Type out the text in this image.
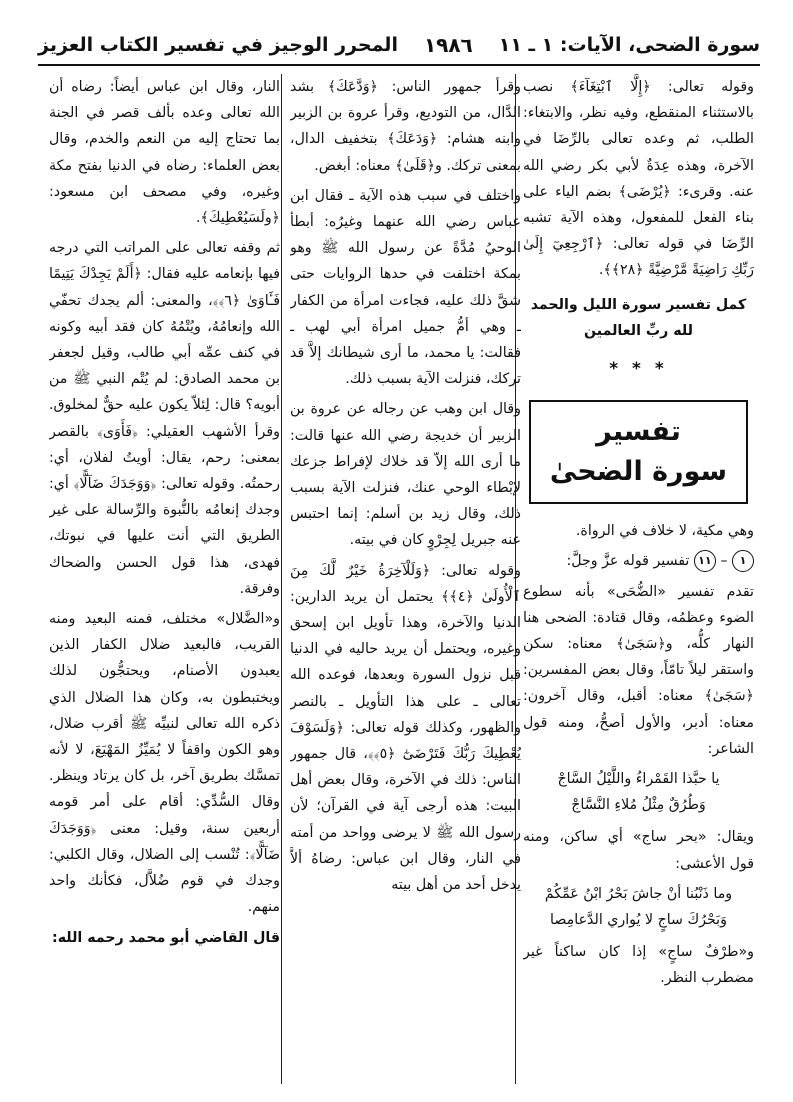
سورة الضحى، الآيات: ١ ـ ١١
١٩٨٦
المحرر الوجيز في تفسير الكتاب العزيز

وقوله تعالى: ﴿إِلَّا ٱبْتِغَآءَ﴾ نصب بالاستثناء المنقطع، وفيه نظر، والابتغاء: الطلب، ثم وعده تعالى بالرِّضَا في الآخرة، وهذه عِدَةٌ لأبي بكر رضي الله عنه. وقرىء: ﴿يُرْضَى﴾ بضم الياء على بناء الفعل للمفعول، وهذه الآية تشبه الرِّضَا في قوله تعالى: ﴿ٱرْجِعِيٓ إِلَىٰ رَبِّكِ رَاضِيَةً مَّرْضِيَّةً ﴿٢٨﴾﴾.

كمل تفسير سورة الليل والحمد لله ربِّ العالمين

* * *

تفسير
سورة الضحىٰ

وهي مكية، لا خلاف في الرواة.

١ – ١١ تفسير قوله عزَّ وجلَّ:

تقدم تفسير «الضُّحَى» بأنه سطوع الضوء وعظمُه، وقال قتادة: الضحى هنا النهار كلُّه، و﴿سَجَىٰ﴾ معناه: سكن واستقر ليلاً تامّاً، وقال بعض المفسرين: ﴿سَجَىٰ﴾ معناه: أقبل، وقال آخرون: معناه: أدبر، والأول أصحُّ، ومنه قول الشاعر:

يا حبَّذا القَمْراءُ واللَّيْلُ السَّاجْ
وَطُرُقٌ مِثْلُ مُلاءِ النَّسَّاجْ

ويقال: «بحر ساج» أي ساكن، ومنه قول الأعشى:

وما ذَنْبُنا أنْ جاشَ بَحْرُ ابْنُ عَمِّكُمْ
وَبَحْرُكَ ساجٍ لا يُواري الدَّعامِصا

و«طرْفٌ ساجٍ» إذا كان ساكناً غير مضطرب النظر.

وقرأ جمهور الناس: ﴿وَدَّعَكَ﴾ بشد الدَّال، من التوديع، وقرأ عروة بن الزبير وابنه هشام: ﴿وَدَعَكَ﴾ بتخفيف الدال، بمعنى تركك. و﴿قَلَىٰ﴾ معناه: أبغض.

واختلف في سبب هذه الآية ـ فقال ابن عباس رضي الله عنهما وغيرُه: أبطأ الوحيُ مُدَّةً عن رسول الله ﷺ وهو بمكة اختلفت في حدها الروايات حتى شقَّ ذلك عليه، فجاءت امرأة من الكفار ـ وهي أمُّ جميل امرأة أبي لهب ـ فقالت: يا محمد، ما أرى شيطانك إلاَّ قد تركك، فنزلت الآية بسبب ذلك.

وقال ابن وهب عن رجاله عن عروة بن الزبير أن خديجة رضي الله عنها قالت: ما أرى الله إلاّ قد خلاك لإفراط جزعك لإبْطاء الوحي عنك، فنزلت الآية بسبب ذلك، وقال زيد بن أسلم: إنما احتبس عنه جبريل لِجِرْوٍ كان في بيته.

وقوله تعالى: ﴿وَلَلْآخِرَةُ خَيْرٌ لَّكَ مِنَ ٱلْأُولَىٰ ﴿٤﴾﴾ يحتمل أن يريد الدارين: الدنيا والآخرة، وهذا تأويل ابن إسحق وغيره، ويحتمل أن يريد حاليه في الدنيا قبل نزول السورة وبعدها، فوعده الله تعالى ـ على هذا التأويل ـ بالنصر والظهور، وكذلك قوله تعالى: ﴿وَلَسَوْفَ يُعْطِيكَ رَبُّكَ فَتَرْضَىٰٓ ﴿٥﴾﴾، قال جمهور الناس: ذلك في الآخرة، وقال بعض أهل البيت: هذه أرجى آية في القرآن؛ لأن رسول الله ﷺ لا يرضى وواحد من أمته في النار، وقال ابن عباس: رضاهُ ألاَّ يدخل أحد من أهل بيته

النار، وقال ابن عباس أيضاً: رضاه أن الله تعالى وعده بألف قصر في الجنة بما تحتاج إليه من النعم والخدم، وقال بعض العلماء: رضاه في الدنيا بفتح مكة وغيره، وفي مصحف ابن مسعود: ﴿ولَسَيُعْطِيكَ﴾.

ثم وقفه تعالى على المراتب التي درجه فيها بإنعامه عليه فقال: ﴿أَلَمْ يَجِدْكَ يَتِيمًا فَـَٔاوَىٰ ﴿٦﴾﴾، والمعنى: ألم يجدك تحفّي الله وإنعامُهُ، ويُتْمُهُ كان فقد أبيه وكونه في كنف عمِّه أبي طالب، وقيل لجعفر بن محمد الصادق: لم يُتْم النبي ﷺ من أبويه؟ قال: لِئلاّ يكون عليه حقٌّ لمخلوق. وقرأ الأشهب العقيلي: ﴿فَأَوَى﴾ بالقصر بمعنى: رحم، يقال: أويتُ لفلان، أي: رحمتُه. وقوله تعالى: ﴿وَوَجَدَكَ ضَآلًّا﴾ أي: وجدك إنعامُه بالنُّبوة والرِّسالة على غير الطريق التي أنت عليها في نبوتك، فهدى، هذا قول الحسن والضحاك وفرقة.

و«الضَّلال» مختلف، فمنه البعيد ومنه القريب، فالبعيد ضلال الكفار الذين يعبدون الأصنام، ويحتجُّون لذلك ويختبطون به، وكان هذا الضلال الذي ذكره الله تعالى لنبيِّه ﷺ أقرب ضلال، وهو الكون واقفاً لا يُمَيِّزُ المَهْيَعَ، لا لأنه تمسَّك بطريق آخر، بل كان يرتاد وينظر. وقال السُّدِّي: أقام على أمر قومه أربعين سنة، وقيل: معنى ﴿وَوَجَدَكَ ضَآلًّا﴾: تُنْسب إلى الضلال، وقال الكلبي: وجدك في قوم ضُلاَّل، فكأنك واحد منهم.

قال القاضي أبو محمد رحمه الله:
